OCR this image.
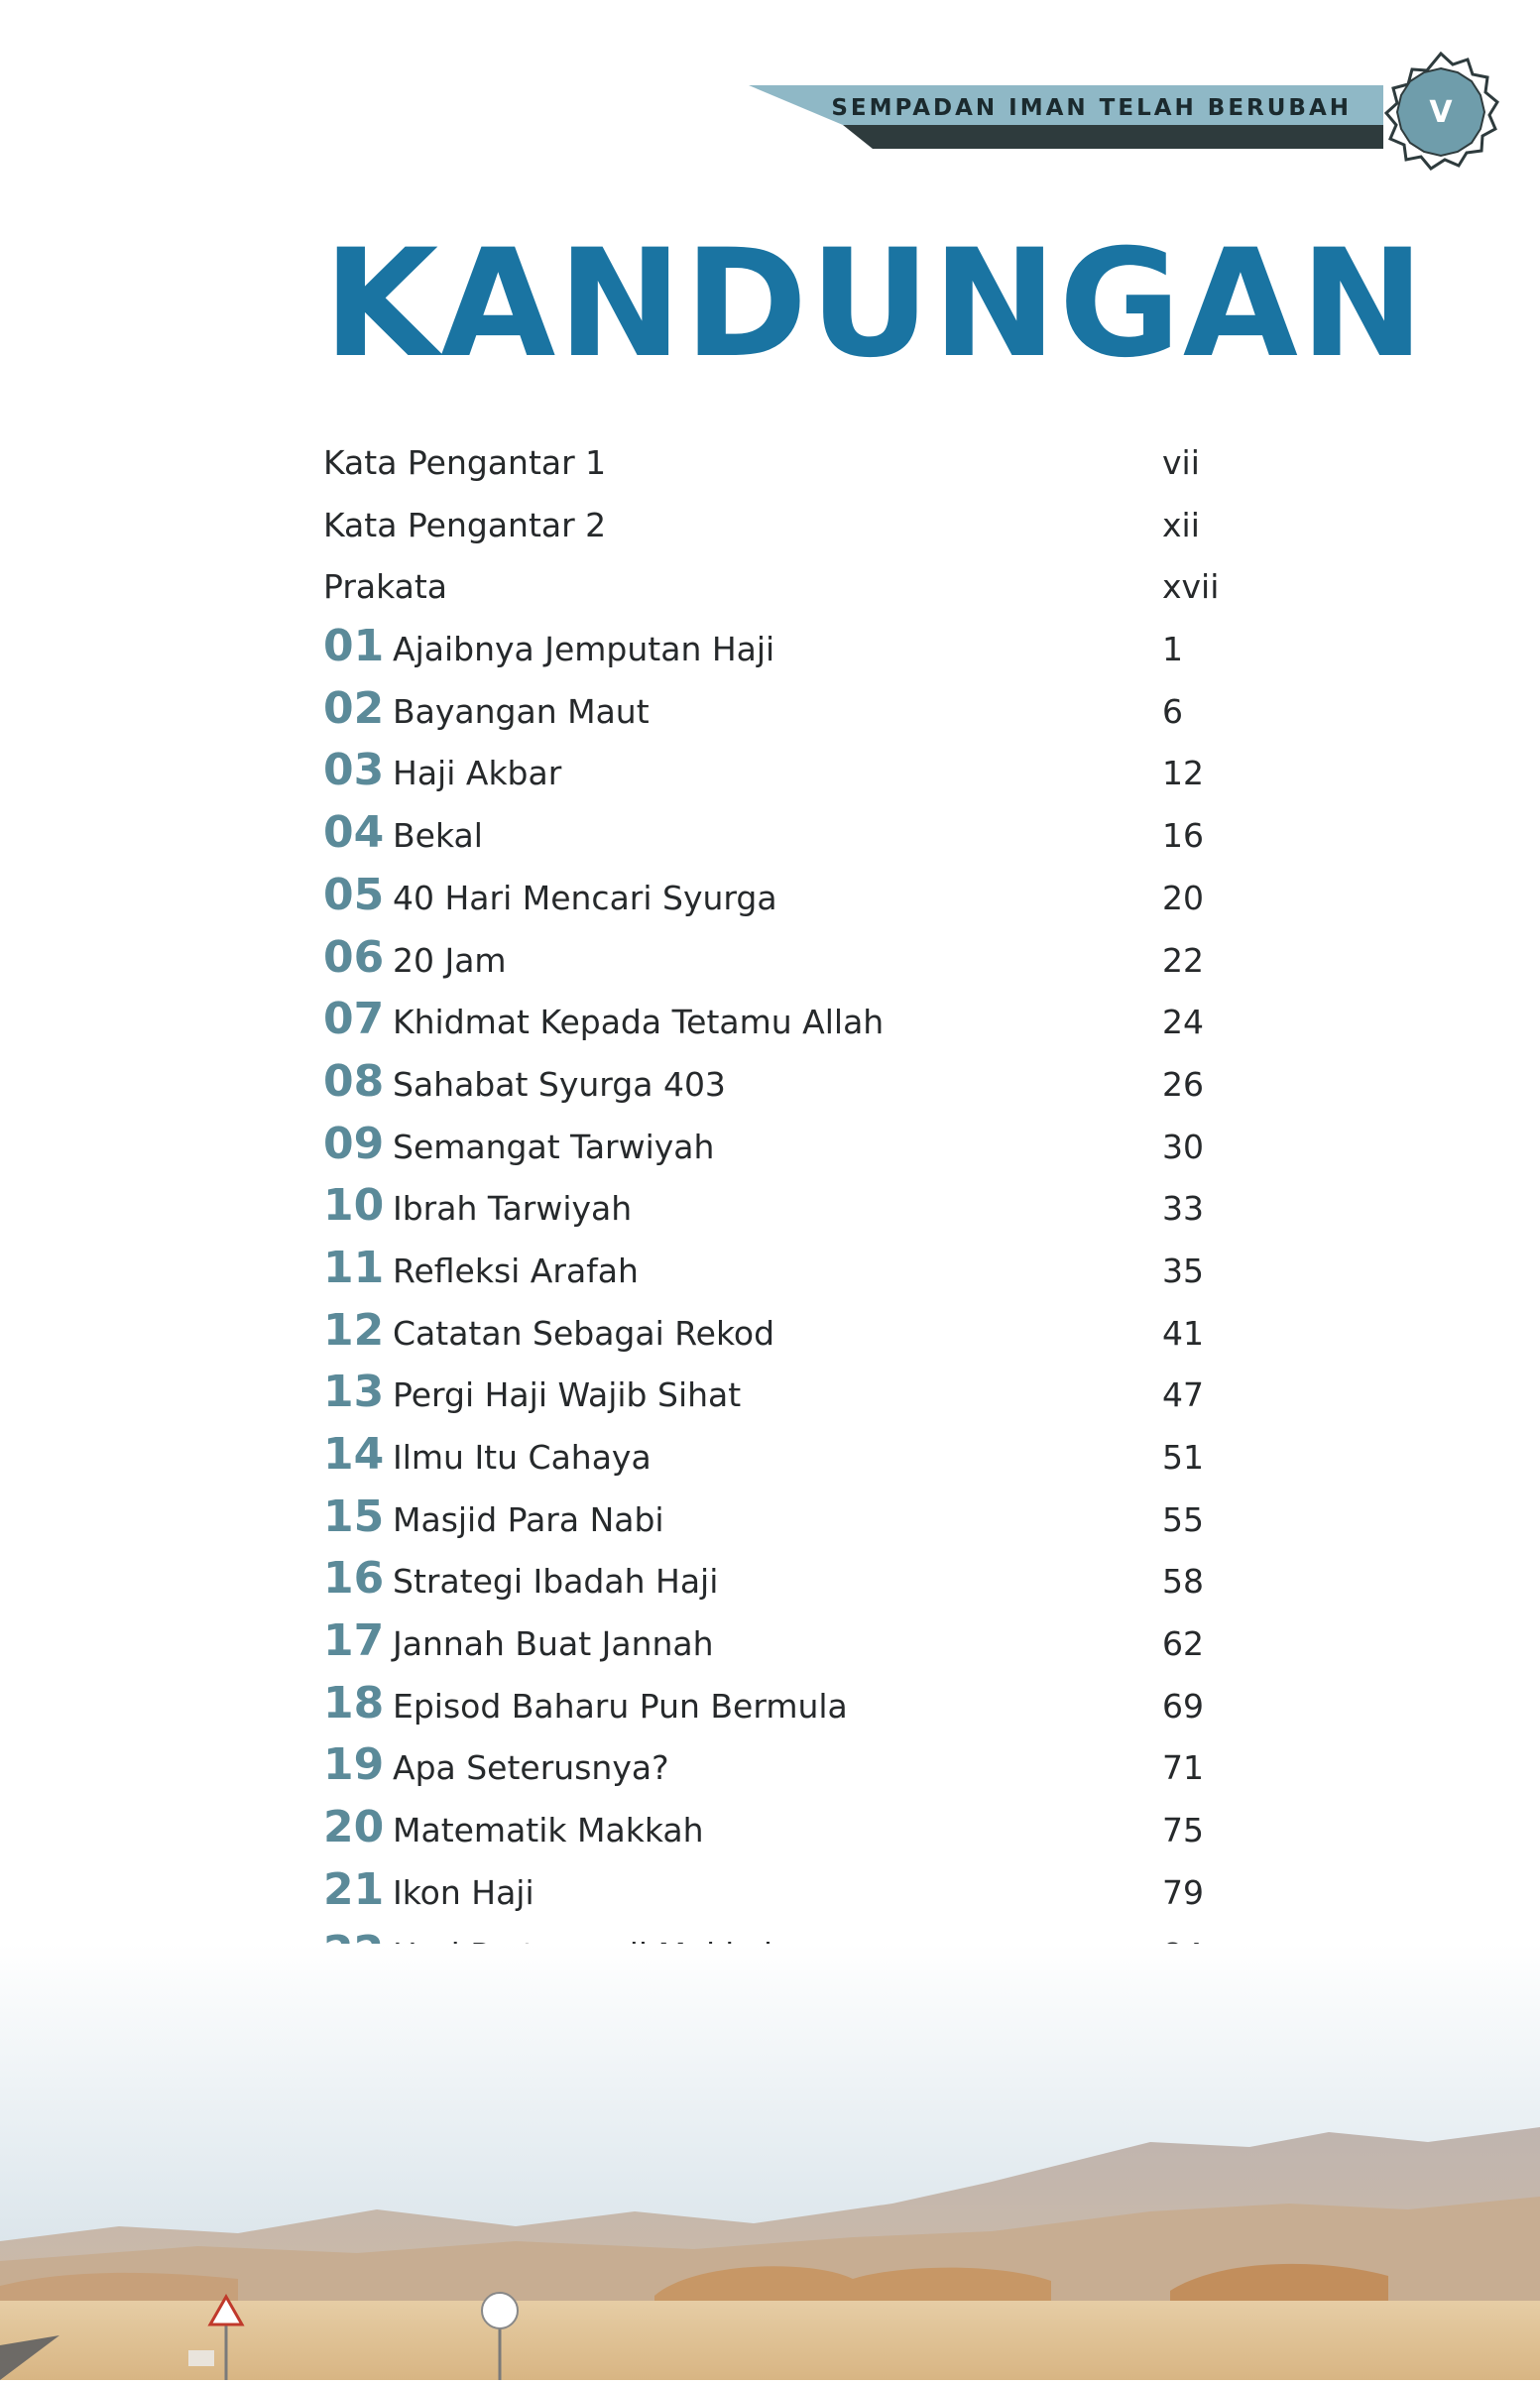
SEMPADAN IMAN TELAH BERUBAH	V
KANDUNGAN
Kata Pengantar 1	vii
Kata Pengantar 2	xii
Prakata	xvii
01 Ajaibnya Jemputan Haji	1
02 Bayangan Maut	6
03 Haji Akbar	12
04 Bekal	16
05 40 Hari Mencari Syurga	20
06 20 Jam	22
07 Khidmat Kepada Tetamu Allah	24
08 Sahabat Syurga 403	26
09 Semangat Tarwiyah	30
10 Ibrah Tarwiyah	33
11 Refleksi Arafah	35
12 Catatan Sebagai Rekod	41
13 Pergi Haji Wajib Sihat	47
14 Ilmu Itu Cahaya	51
15 Masjid Para Nabi	55
16 Strategi Ibadah Haji	58
17 Jannah Buat Jannah	62
18 Episod Baharu Pun Bermula	69
19 Apa Seterusnya?	71
20 Matematik Makkah	75
21 Ikon Haji	79
